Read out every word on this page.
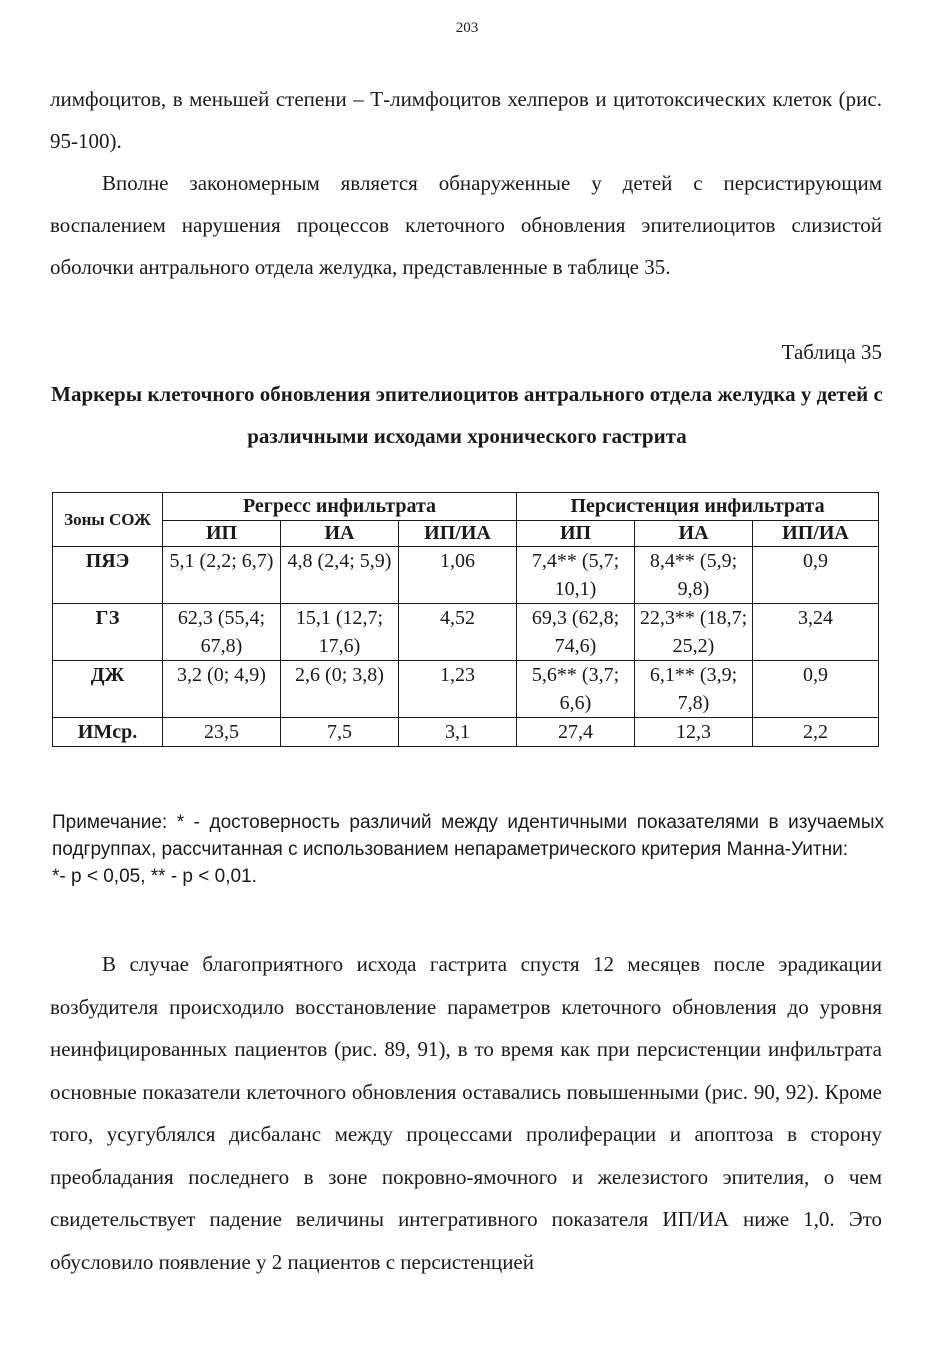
203
лимфоцитов, в меньшей степени – Т-лимфоцитов хелперов и цитотоксических клеток (рис. 95-100).
Вполне закономерным является обнаруженные у детей с персистирующим воспалением нарушения процессов клеточного обновления эпителиоцитов слизистой оболочки антрального отдела желудка, представленные в таблице 35.
Таблица 35
Маркеры клеточного обновления эпителиоцитов антрального отдела желудка у детей с различными исходами хронического гастрита
Зоны СОЖ	Регресс инфильтрата			Персистенция инфильтрата		
	ИП	ИА	ИП/ИА	ИП	ИА	ИП/ИА
ПЯЭ	5,1 (2,2; 6,7)	4,8 (2,4; 5,9)	1,06	7,4** (5,7; 10,1)	8,4** (5,9; 9,8)	0,9
ГЗ	62,3 (55,4; 67,8)	15,1 (12,7; 17,6)	4,52	69,3 (62,8; 74,6)	22,3** (18,7; 25,2)	3,24
ДЖ	3,2 (0; 4,9)	2,6 (0; 3,8)	1,23	5,6** (3,7; 6,6)	6,1** (3,9; 7,8)	0,9
ИМср.	23,5	7,5	3,1	27,4	12,3	2,2
Примечание: * - достоверность различий между идентичными показателями в изучаемых подгруппах, рассчитанная с использованием непараметрического критерия Манна-Уитни:
*- p < 0,05, ** - p < 0,01.
В случае благоприятного исхода гастрита спустя 12 месяцев после эрадикации возбудителя происходило восстановление параметров клеточного обновления до уровня неинфицированных пациентов (рис. 89, 91), в то время как при персистенции инфильтрата основные показатели клеточного обновления оставались повышенными (рис. 90, 92). Кроме того, усугублялся дисбаланс между процессами пролиферации и апоптоза в сторону преобладания последнего в зоне покровно-ямочного и железистого эпителия, о чем свидетельствует падение величины интегративного показателя ИП/ИА ниже 1,0. Это обусловило появление у 2 пациентов с персистенцией
